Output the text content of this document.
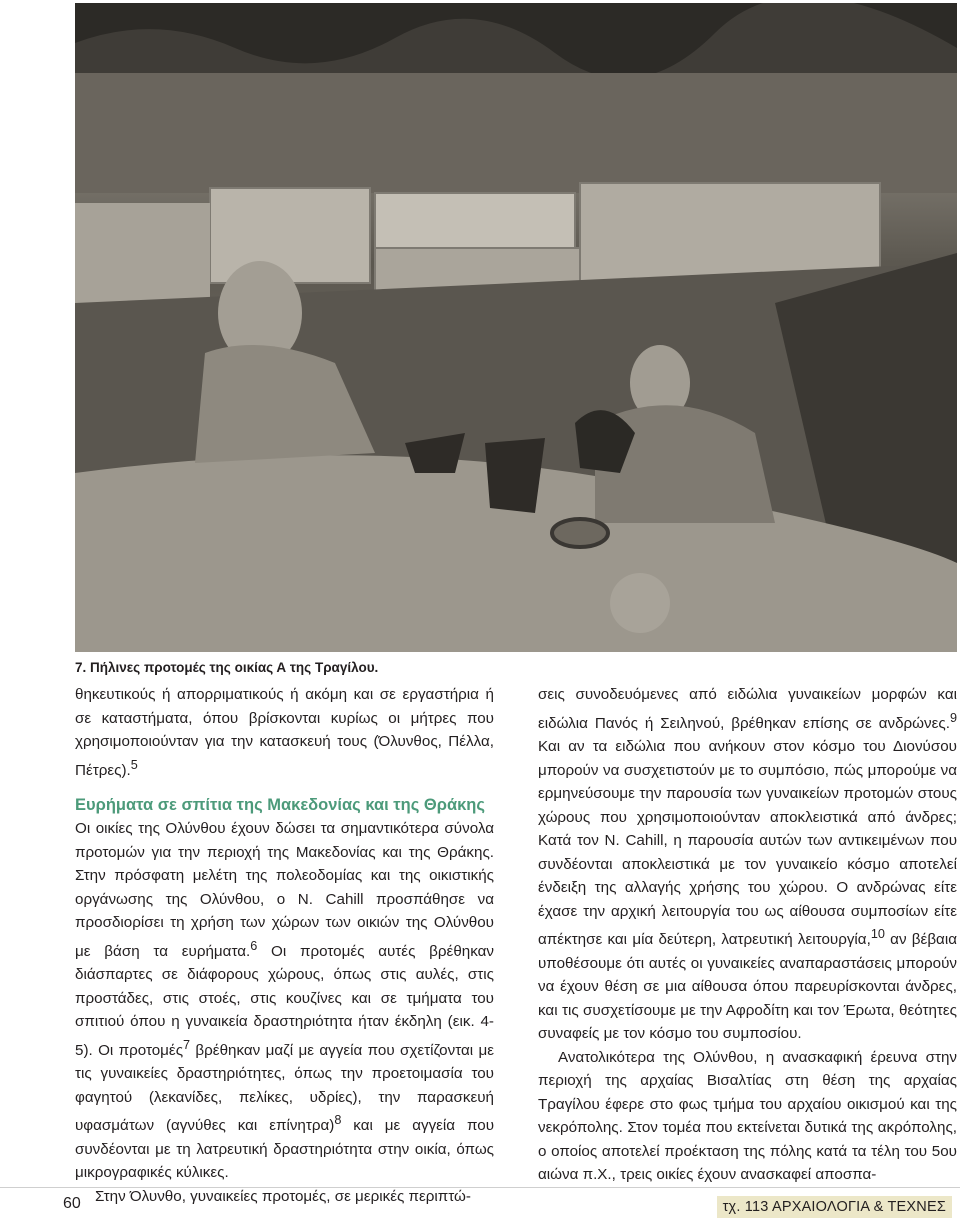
7. Πήλινες προτομές της οικίας Α της Τραγίλου.

θηκευτικούς ή απορριματικούς ή ακόμη και σε εργαστήρια ή σε καταστήματα, όπου βρίσκονται κυρίως οι μήτρες που χρησιμοποιούνταν για την κατασκευή τους (Όλυνθος, Πέλλα, Πέτρες).$^5$

Ευρήματα σε σπίτια της Μακεδονίας και της Θράκης

Οι οικίες της Ολύνθου έχουν δώσει τα σημαντικότερα σύνολα προτομών για την περιοχή της Μακεδονίας και της Θράκης. Στην πρόσφατη μελέτη της πολεοδομίας και της οικιστικής οργάνωσης της Ολύνθου, ο N. Cahill προσπάθησε να προσδιορίσει τη χρήση των χώρων των οικιών της Ολύνθου με βάση τα ευρήματα.$^6$ Οι προτομές αυτές βρέθηκαν διάσπαρτες σε διάφορους χώρους, όπως στις αυλές, στις προστάδες, στις στοές, στις κουζίνες και σε τμήματα του σπιτιού όπου η γυναικεία δραστηριότητα ήταν έκδηλη (εικ. 4-5). Οι προτομές$^7$ βρέθηκαν μαζί με αγγεία που σχετίζονται με τις γυναικείες δραστηριότητες, όπως την προετοιμασία του φαγητού (λεκανίδες, πελίκες, υδρίες), την παρασκευή υφασμάτων (αγνύθες και επίνητρα)$^8$ και με αγγεία που συνδέονται με τη λατρευτική δραστηριότητα στην οικία, όπως μικρογραφικές κύλικες.

Στην Όλυνθο, γυναικείες προτομές, σε μερικές περιπτώ-

σεις συνοδευόμενες από ειδώλια γυναικείων μορφών και ειδώλια Πανός ή Σειληνού, βρέθηκαν επίσης σε ανδρώνες.$^9$ Και αν τα ειδώλια που ανήκουν στον κόσμο του Διονύσου μπορούν να συσχετιστούν με το συμπόσιο, πώς μπορούμε να ερμηνεύσουμε την παρουσία των γυναικείων προτομών στους χώρους που χρησιμοποιούνταν αποκλειστικά από άνδρες; Κατά τον N. Cahill, η παρουσία αυτών των αντικειμένων που συνδέονται αποκλειστικά με τον γυναικείο κόσμο αποτελεί ένδειξη της αλλαγής χρήσης του χώρου. Ο ανδρώνας είτε έχασε την αρχική λειτουργία του ως αίθουσα συμποσίων είτε απέκτησε και μία δεύτερη, λατρευτική λειτουργία,$^{10}$ αν βέβαια υποθέσουμε ότι αυτές οι γυναικείες αναπαραστάσεις μπορούν να έχουν θέση σε μια αίθουσα όπου παρευρίσκονται άνδρες, και τις συσχετίσουμε με την Αφροδίτη και τον Έρωτα, θεότητες συναφείς με τον κόσμο του συμποσίου.

Ανατολικότερα της Ολύνθου, η ανασκαφική έρευνα στην περιοχή της αρχαίας Βισαλτίας στη θέση της αρχαίας Τραγίλου έφερε στο φως τμήμα του αρχαίου οικισμού και της νεκρόπολης. Στον τομέα που εκτείνεται δυτικά της ακρόπολης, ο οποίος αποτελεί προέκταση της πόλης κατά τα τέλη του 5ου αιώνα π.Χ., τρεις οικίες έχουν ανασκαφεί αποσπα-

60	τχ. 113 ΑΡΧΑΙΟΛΟΓΙΑ & ΤΕΧΝΕΣ
